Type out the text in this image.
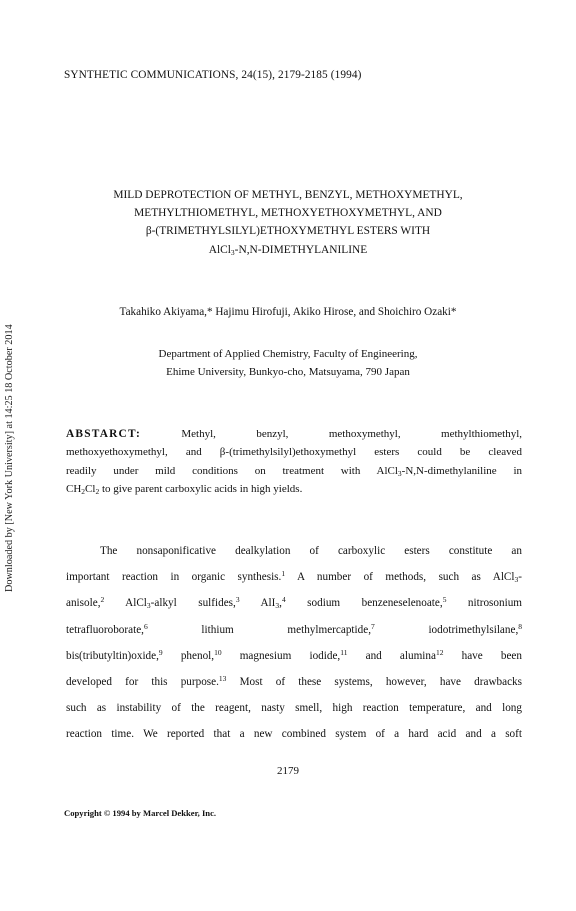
SYNTHETIC COMMUNICATIONS, 24(15), 2179-2185 (1994)
MILD DEPROTECTION OF METHYL, BENZYL, METHOXYMETHYL,
METHYLTHIOMETHYL, METHOXYETHOXYMETHYL, AND
β-(TRIMETHYLSILYL)ETHOXYMETHYL ESTERS WITH
AlCl$_3$-N,N-DIMETHYLANILINE
Takahiko Akiyama,* Hajimu Hirofuji, Akiko Hirose, and Shoichiro Ozaki*
Department of Applied Chemistry, Faculty of Engineering,
Ehime University, Bunkyo-cho, Matsuyama, 790 Japan
ABSTARCT:	Methyl, benzyl, methoxymethyl, methylthiomethyl,
methoxyethoxymethyl, and β-(trimethylsilyl)ethoxymethyl esters could be cleaved
readily under mild conditions on treatment with AlCl$_3$-N,N-dimethylaniline in
$CH_2Cl_2$ to give parent carboxylic acids in high yields.
The nonsaponificative dealkylation of carboxylic esters constitute an
important reaction in organic synthesis.$^1$ A number of methods, such as AlCl$_3$-
anisole,$^2$ AlCl$_3$-alkyl sulfides,$^3$ AlI$_3$,$^4$ sodium benzeneselenoate,$^5$ nitrosonium
tetrafluoroborate,$^6$ lithium methylmercaptide,$^7$ iodotrimethylsilane,$^8$
bis(tributyltin)oxide,$^9$ phenol,$^{10}$ magnesium iodide,$^{11}$ and alumina$^{12}$ have been
developed for this purpose.$^{13}$ Most of these systems, however, have drawbacks
such as instability of the reagent, nasty smell, high reaction temperature, and long
reaction time. We reported that a new combined system of a hard acid and a soft
2179
Copyright © 1994 by Marcel Dekker, Inc.
Downloaded by [New York University] at 14:25 18 October 2014
